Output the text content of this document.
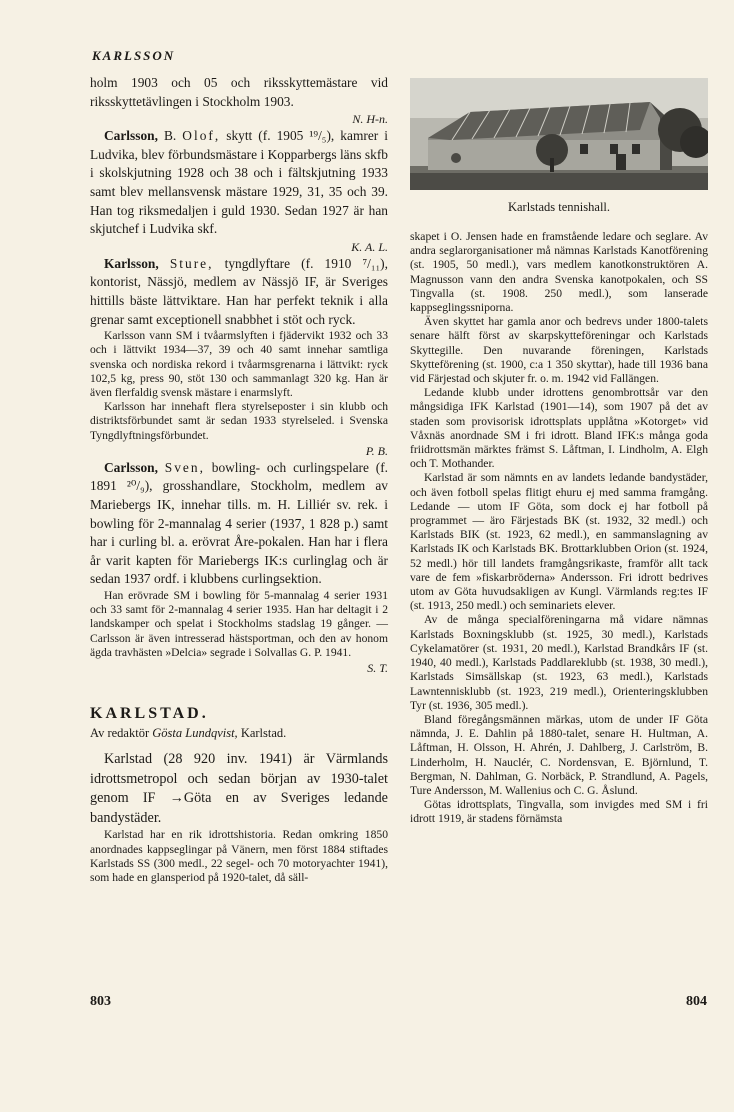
KARLSSON

holm 1903 och 05 och riksskyttemästare vid riksskyttetävlingen i Stockholm 1903.

N. H-n.

Carlsson, B. Olof, skytt (f. 1905 ¹⁹/₅), kamrer i Ludvika, blev förbundsmästare i Kopparbergs läns skfb i skolskjutning 1928 och 38 och i fältskjutning 1933 samt blev mellansvensk mästare 1929, 31, 35 och 39. Han tog riksmedaljen i guld 1930. Sedan 1927 är han skjutchef i Ludvika skf.

K. A. L.

Karlsson, Sture, tyngdlyftare (f. 1910 ⁷/₁₁), kontorist, Nässjö, medlem av Nässjö IF, är Sveriges hittills bäste lättviktare. Han har perfekt teknik i alla grenar samt exceptionell snabbhet i stöt och ryck.

Karlsson vann SM i tvåarmslyften i fjädervikt 1932 och 33 och i lättvikt 1934—37, 39 och 40 samt innehar samtliga svenska och nordiska rekord i tvåarmsgrenarna i lättvikt: ryck 102,5 kg, press 90, stöt 130 och sammanlagt 320 kg. Han är även flerfaldig svensk mästare i enarmslyft.

Karlsson har innehaft flera styrelseposter i sin klubb och distriktsförbundet samt är sedan 1933 styrelseled. i Svenska Tyngdlyftningsförbundet.

P. B.

Carlsson, Sven, bowling- och curlingspelare (f. 1891 ²⁰/₉), grosshandlare, Stockholm, medlem av Mariebergs IK, innehar tills. m. H. Lilliér sv. rek. i bowling för 2-mannalag 4 serier (1937, 1 828 p.) samt har i curling bl. a. erövrat Åre-pokalen. Han har i flera år varit kapten för Mariebergs IK:s curlinglag och är sedan 1937 ordf. i klubbens curlingsektion.

Han erövrade SM i bowling för 5-mannalag 4 serier 1931 och 33 samt för 2-mannalag 4 serier 1935. Han har deltagit i 2 landskamper och spelat i Stockholms stadslag 19 gånger. — Carlsson är även intresserad hästsportman, och den av honom ägda travhästen »Delcia» segrade i Solvallas G. P. 1941.

S. T.
KARLSTAD.
Av redaktör Gösta Lundqvist, Karlstad.

Karlstad (28 920 inv. 1941) är Värmlands idrottsmetropol och sedan början av 1930-talet genom IF →Göta en av Sveriges ledande bandystäder.

Karlstad har en rik idrottshistoria. Redan omkring 1850 anordnades kappseglingar på Vänern, men först 1884 stiftades Karlstads SS (300 medl., 22 segel- och 70 motoryachter 1941), som hade en glansperiod på 1920-talet, då säll-

Karlstads tennishall.

skapet i O. Jensen hade en framstående ledare och seglare. Av andra seglarorganisationer må nämnas Karlstads Kanotförening (st. 1905, 50 medl.), vars medlem kanotkonstruktören A. Magnusson vann den andra Svenska kanotpokalen, och SS Tingvalla (st. 1908. 250 medl.), som lanserade kappseglingssniporna.

Även skyttet har gamla anor och bedrevs under 1800-talets senare hälft först av skarpskytteföreningar och Karlstads Skyttegille. Den nuvarande föreningen, Karlstads Skytteförening (st. 1900, c:a 1 350 skyttar), hade till 1936 bana vid Färjestad och skjuter fr. o. m. 1942 vid Fallängen.

Ledande klubb under idrottens genombrottsår var den mångsidiga IFK Karlstad (1901—14), som 1907 på det av staden som provisorisk idrottsplats upplåtna »Kotorget» vid Våxnäs anordnade SM i fri idrott. Bland IFK:s många goda friidrottsmän märktes främst S. Låftman, I. Lindholm, A. Elgh och T. Mothander.

Karlstad är som nämnts en av landets ledande bandystäder, och även fotboll spelas flitigt ehuru ej med samma framgång. Ledande — utom IF Göta, som dock ej har fotboll på programmet — äro Färjestads BK (st. 1932, 32 medl.) och Karlstads BIK (st. 1923, 62 medl.), en sammanslagning av Karlstads IK och Karlstads BK. Brottarklubben Orion (st. 1924, 52 medl.) hör till landets framgångsrikaste, framför allt tack vare de fem »fiskarbröderna» Andersson. Fri idrott bedrives utom av Göta huvudsakligen av Kungl. Värmlands reg:tes IF (st. 1913, 250 medl.) och seminariets elever.

Av de många specialföreningarna må vidare nämnas Karlstads Boxningsklubb (st. 1925, 30 medl.), Karlstads Cykelamatörer (st. 1931, 20 medl.), Karlstad Brandkårs IF (st. 1940, 40 medl.), Karlstads Paddlareklubb (st. 1938, 30 medl.), Karlstads Simsällskap (st. 1923, 63 medl.), Karlstads Lawntennisklubb (st. 1923, 219 medl.), Orienteringsklubben Tyr (st. 1936, 305 medl.).

Bland föregångsmännen märkas, utom de under IF Göta nämnda, J. E. Dahlin på 1880-talet, senare H. Hultman, A. Låftman, H. Olsson, H. Ahrén, J. Dahlberg, J. Carlström, B. Linderholm, H. Nauclér, C. Nordensvan, E. Björnlund, T. Bergman, N. Dahlman, G. Norbäck, P. Strandlund, A. Pagels, Ture Andersson, M. Wallenius och C. G. Åslund.

Götas idrottsplats, Tingvalla, som invigdes med SM i fri idrott 1919, är stadens förnämsta

803	804
